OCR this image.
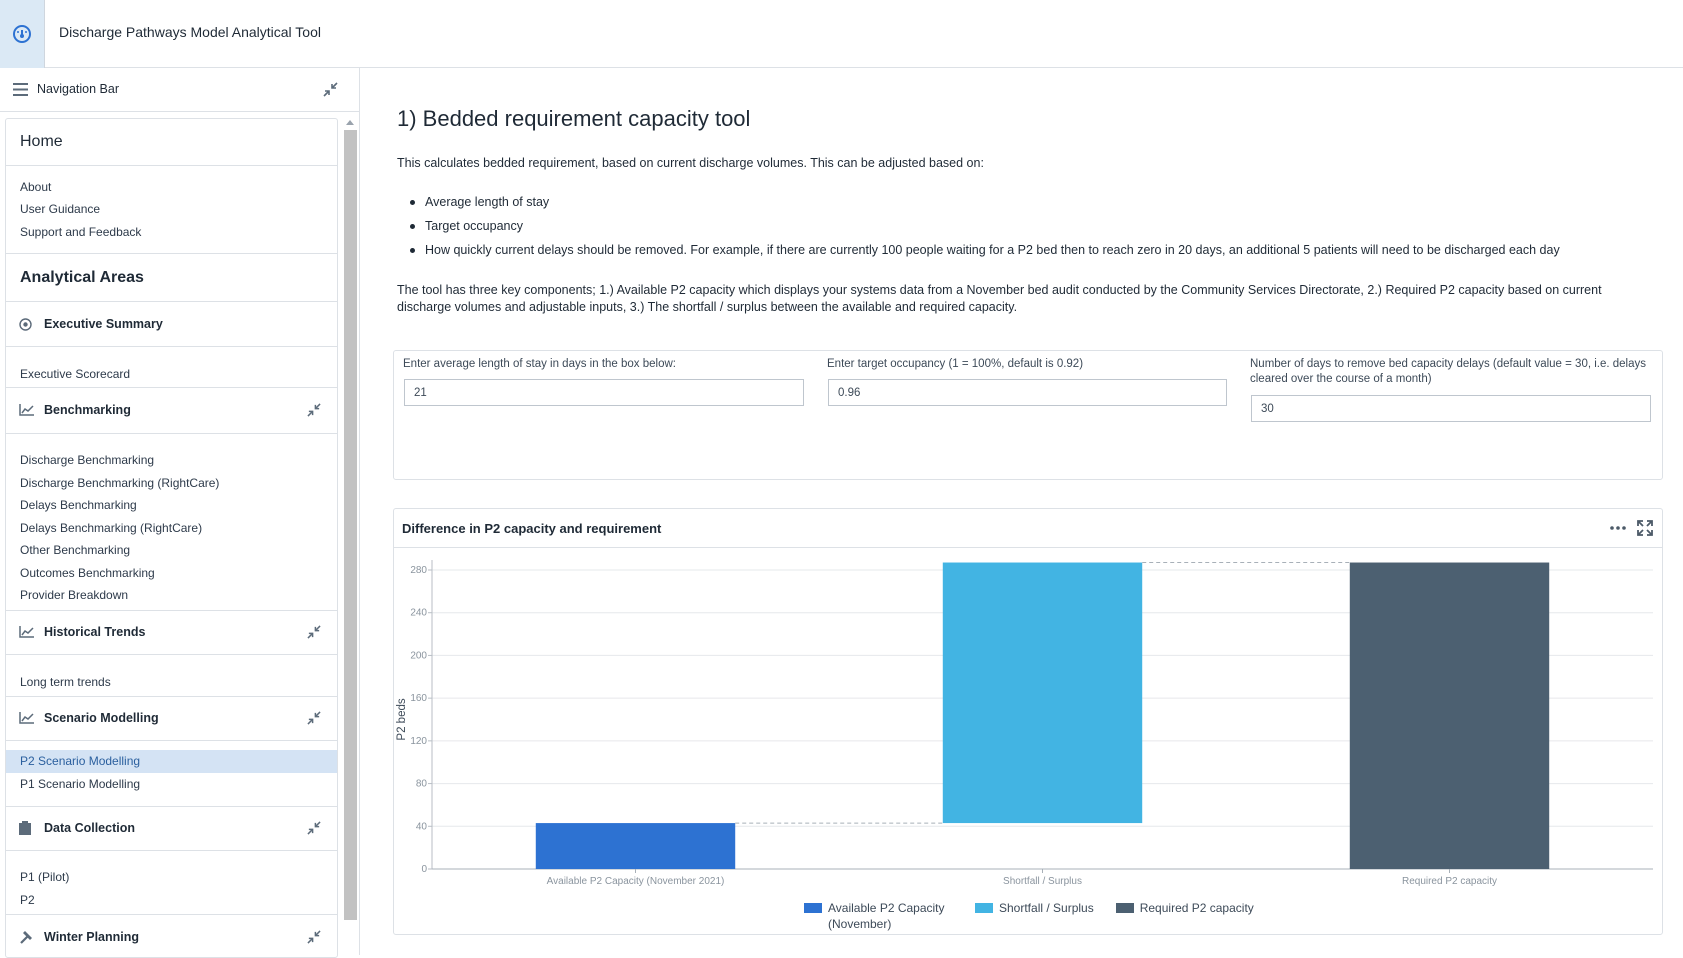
Discharge Pathways Model Analytical Tool
Navigation Bar
Home
About
User Guidance
Support and Feedback
Analytical Areas
Executive Summary
Executive Scorecard
Benchmarking
Discharge Benchmarking
Discharge Benchmarking (RightCare)
Delays Benchmarking
Delays Benchmarking (RightCare)
Other Benchmarking
Outcomes Benchmarking
Provider Breakdown
Historical Trends
Long term trends
Scenario Modelling
P2 Scenario Modelling
P1 Scenario Modelling
Data Collection
P1 (Pilot)
P2
Winter Planning
1) Bedded requirement capacity tool
This calculates bedded requirement, based on current discharge volumes. This can be adjusted based on:
Average length of stay
Target occupancy
How quickly current delays should be removed. For example, if there are currently 100 people waiting for a P2 bed then to reach zero in 20 days, an additional 5 patients will need to be discharged each day
The tool has three key components; 1.) Available P2 capacity which displays your systems data from a November bed audit conducted by the Community Services Directorate, 2.) Required P2 capacity based on current discharge volumes and adjustable inputs, 3.) The shortfall / surplus between the available and required capacity.
Enter average length of stay in days in the box below:
21	Enter target occupancy (1 = 100%, default is 0.92)
0.96	Number of days to remove bed capacity delays (default value = 30, i.e. delays cleared over the course of a month)
30
Difference in P2 capacity and requirement
0
40
80
120
160
200
240
280
P2 beds
Available P2 Capacity (November 2021)	Shortfall / Surplus	Required P2 capacity
Available P2 Capacity (November)
Shortfall / Surplus	Required P2 capacity
